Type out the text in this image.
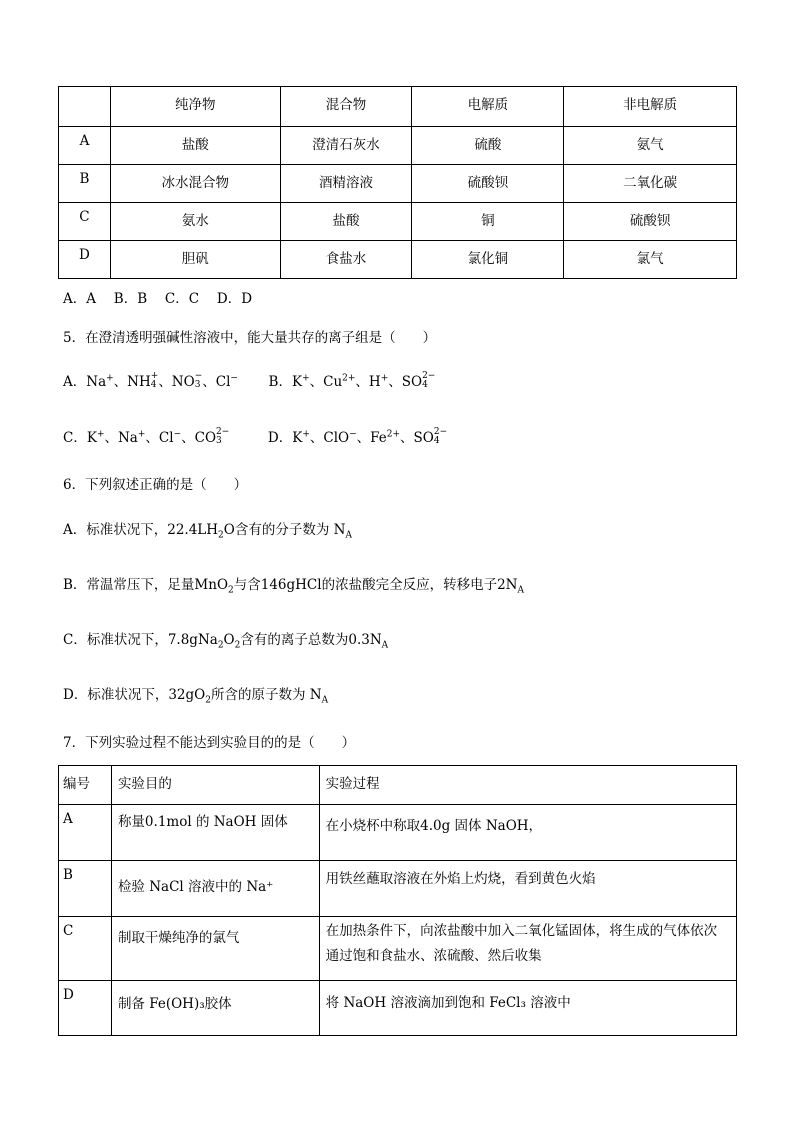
	纯净物	混合物	电解质	非电解质
A	盐酸	澄清石灰水	硫酸	氨气
B	冰水混合物	酒精溶液	硫酸钡	二氧化碳
C	氨水	盐酸	铜	硫酸钡
D	胆矾	食盐水	氯化铜	氯气
A．A　 B．B　 C．C　 D．D
5．在澄清透明强碱性溶液中，能大量共存的离子组是（　　）
A．Na+、NH +
4 、NO −
3 、Cl− B．K+、$Cu^{2+}$、H+、SO 2−
4
C．K+、Na+、Cl−、CO 2−
3	D．K+、ClO−、$Fe^{2+}$、SO 2−
4
6．下列叙述正确的是（　　）
A．标准状况下，$22.4LH_2O$含有的分子数为 $N_A$
B．常温常压下，足量MnO$_2$与含146gHCl的浓盐酸完全反应，转移电子$2N_A$
C．标准状况下，$7.8gNa_2O_2$含有的离子总数为$0.3N_A$
D．标准状况下，$32gO_2$所含的原子数为 $N_A$
7．下列实验过程不能达到实验目的的是（　　）
编号	实验目的	实验过程
A	称量0.1mol 的 NaOH 固体	在小烧杯中称取4.0g 固体 NaOH，
B	检验 NaCl 溶液中的 Na⁺	用铁丝蘸取溶液在外焰上灼烧，看到黄色火焰
C	制取干燥纯净的氯气	在加热条件下，向浓盐酸中加入二氧化锰固体，将生成的气体依次通过饱和食盐水、浓硫酸、然后收集
D	制备 Fe(OH)₃胶体	将 NaOH 溶液滴加到饱和 FeCl₃ 溶液中
